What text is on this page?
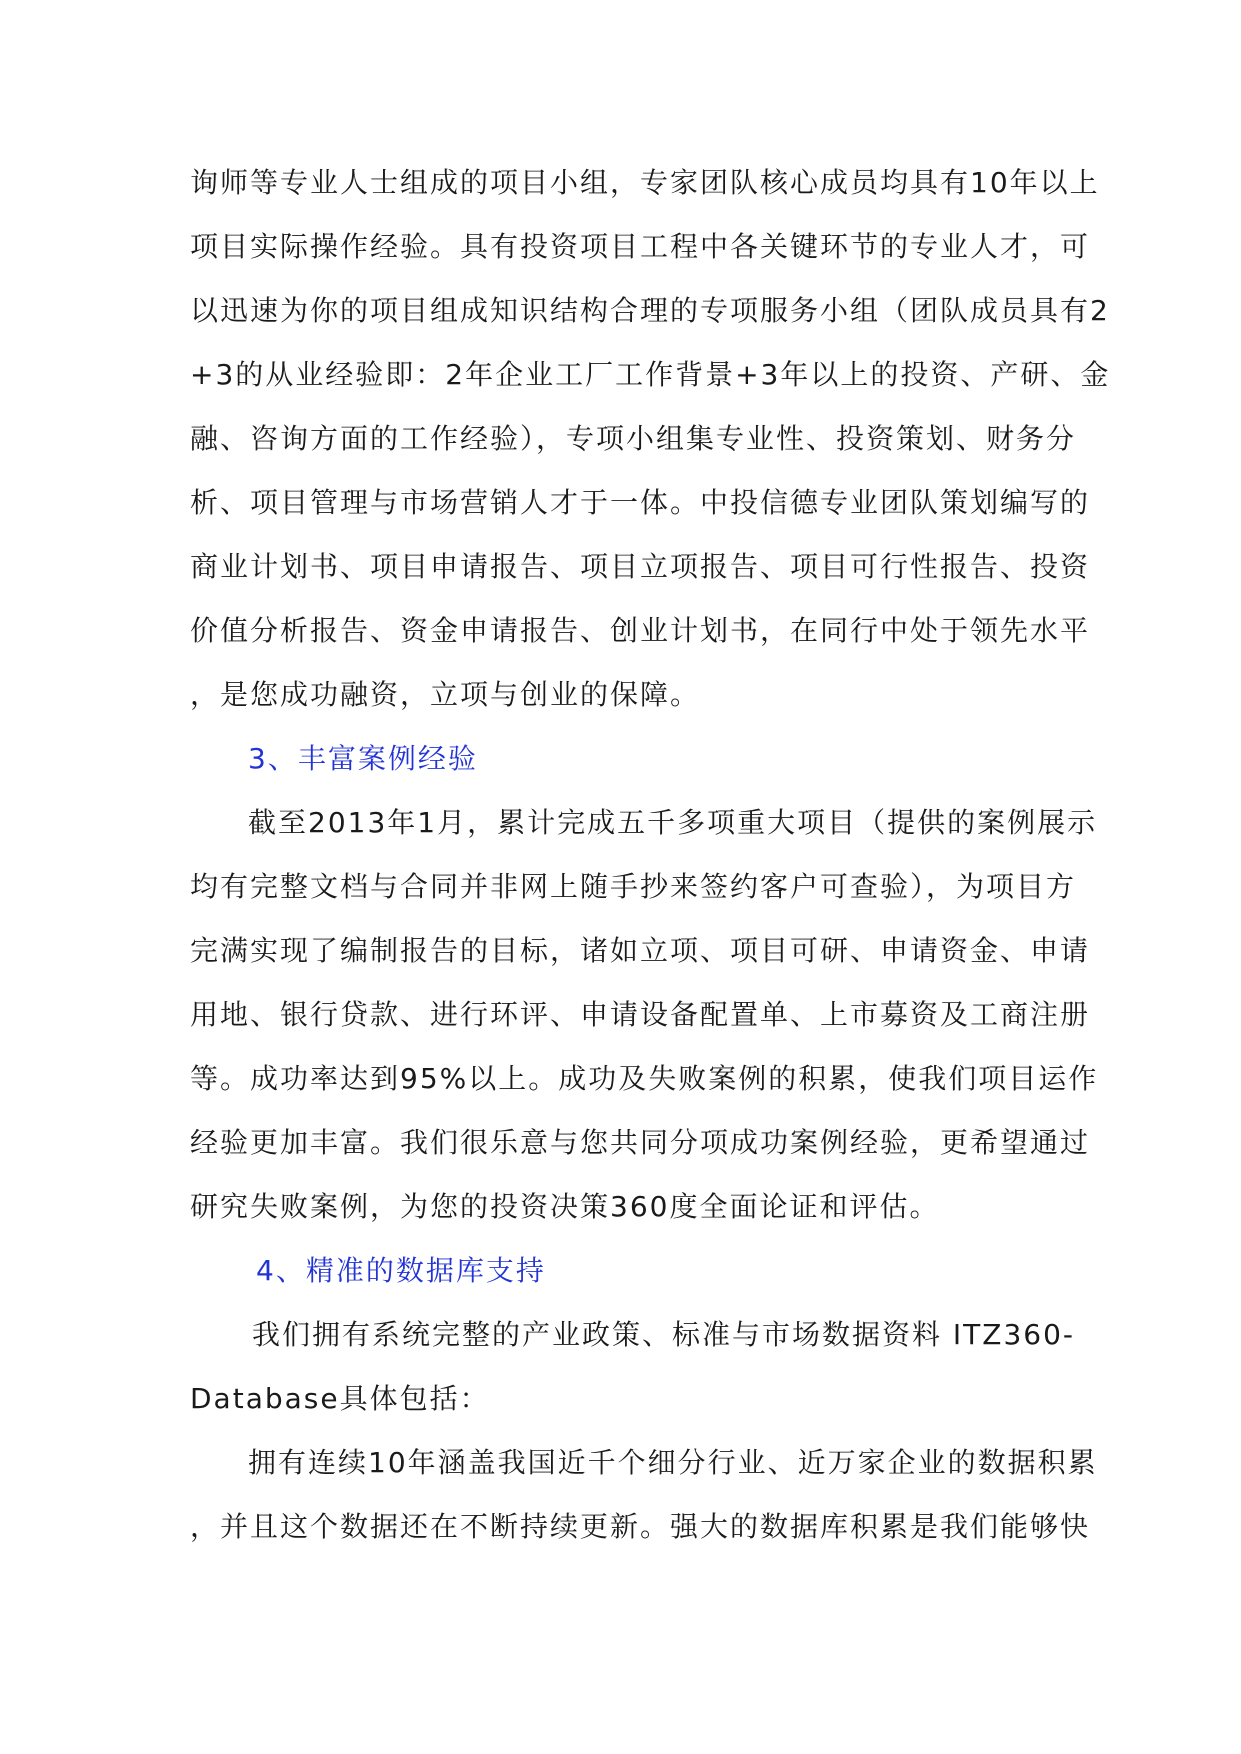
询师等专业人士组成的项目小组，专家团队核心成员均具有10年以上
项目实际操作经验。具有投资项目工程中各关键环节的专业人才，可
以迅速为你的项目组成知识结构合理的专项服务小组（团队成员具有2
+3的从业经验即：2年企业工厂工作背景+3年以上的投资、产研、金
融、咨询方面的工作经验），专项小组集专业性、投资策划、财务分
析、项目管理与市场营销人才于一体。中投信德专业团队策划编写的
商业计划书、项目申请报告、项目立项报告、项目可行性报告、投资
价值分析报告、资金申请报告、创业计划书，在同行中处于领先水平
，是您成功融资，立项与创业的保障。
3、丰富案例经验
截至2013年1月，累计完成五千多项重大项目（提供的案例展示
均有完整文档与合同并非网上随手抄来签约客户可查验），为项目方
完满实现了编制报告的目标，诸如立项、项目可研、申请资金、申请
用地、银行贷款、进行环评、申请设备配置单、上市募资及工商注册
等。成功率达到95%以上。成功及失败案例的积累，使我们项目运作
经验更加丰富。我们很乐意与您共同分项成功案例经验，更希望通过
研究失败案例，为您的投资决策360度全面论证和评估。
4、精准的数据库支持
我们拥有系统完整的产业政策、标准与市场数据资料 ITZ360-
Database具体包括：
拥有连续10年涵盖我国近千个细分行业、近万家企业的数据积累
，并且这个数据还在不断持续更新。强大的数据库积累是我们能够快
